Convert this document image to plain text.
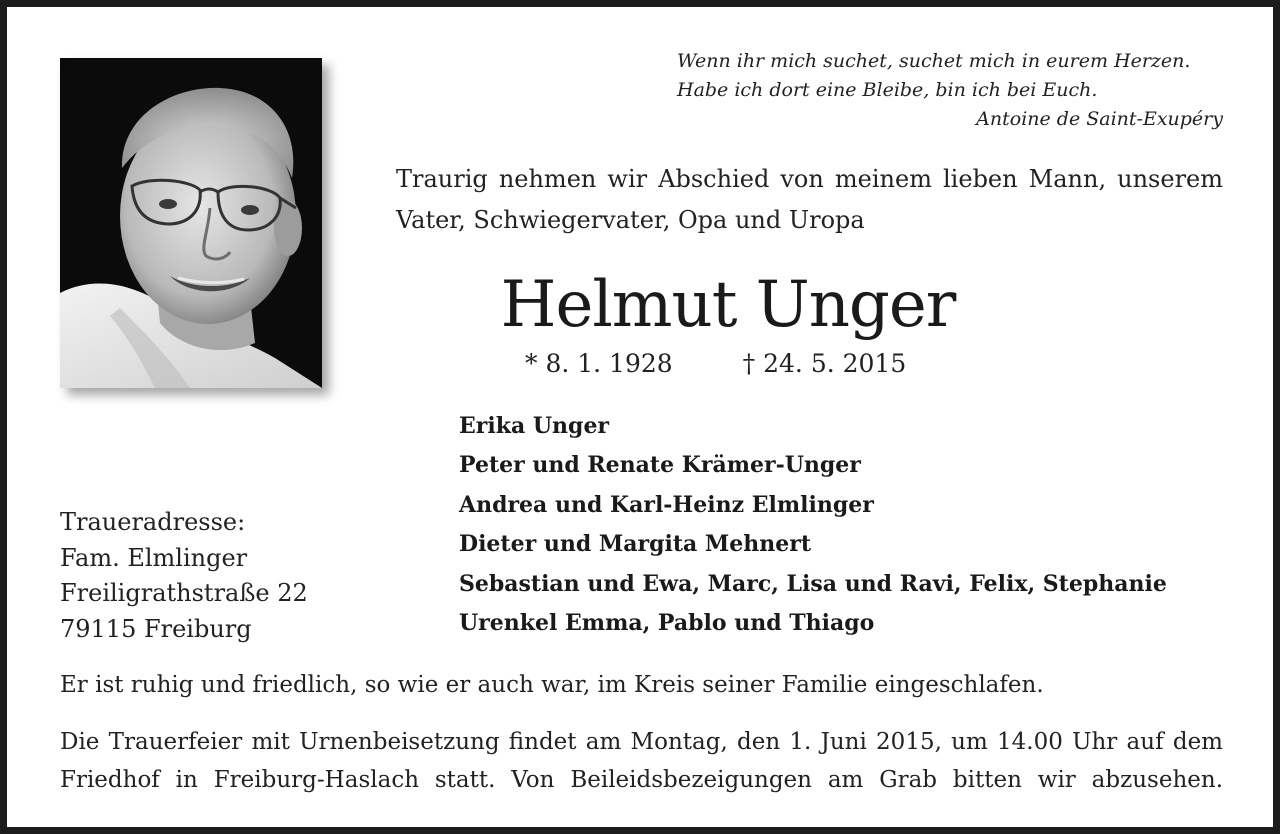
Wenn ihr mich suchet, suchet mich in eurem Herzen.
Habe ich dort eine Bleibe, bin ich bei Euch.
Antoine de Saint-Exupéry
Traurig nehmen wir Abschied von meinem lieben Mann, unserem Vater, Schwiegervater, Opa und Uropa
Helmut Unger
* 8. 1. 1928	† 24. 5. 2015
Erika Unger
Peter und Renate Krämer-Unger
Andrea und Karl-Heinz Elmlinger
Dieter und Margita Mehnert
Sebastian und Ewa, Marc, Lisa und Ravi, Felix, Stephanie
Urenkel Emma, Pablo und Thiago
Traueradresse:
Fam. Elmlinger
Freiligrathstraße 22
79115 Freiburg
Er ist ruhig und friedlich, so wie er auch war, im Kreis seiner Familie eingeschlafen.
Die Trauerfeier mit Urnenbeisetzung findet am Montag, den 1. Juni 2015, um 14.00 Uhr auf dem Friedhof in Freiburg-Haslach statt. Von Beileidsbezeigungen am Grab bitten wir abzusehen.
